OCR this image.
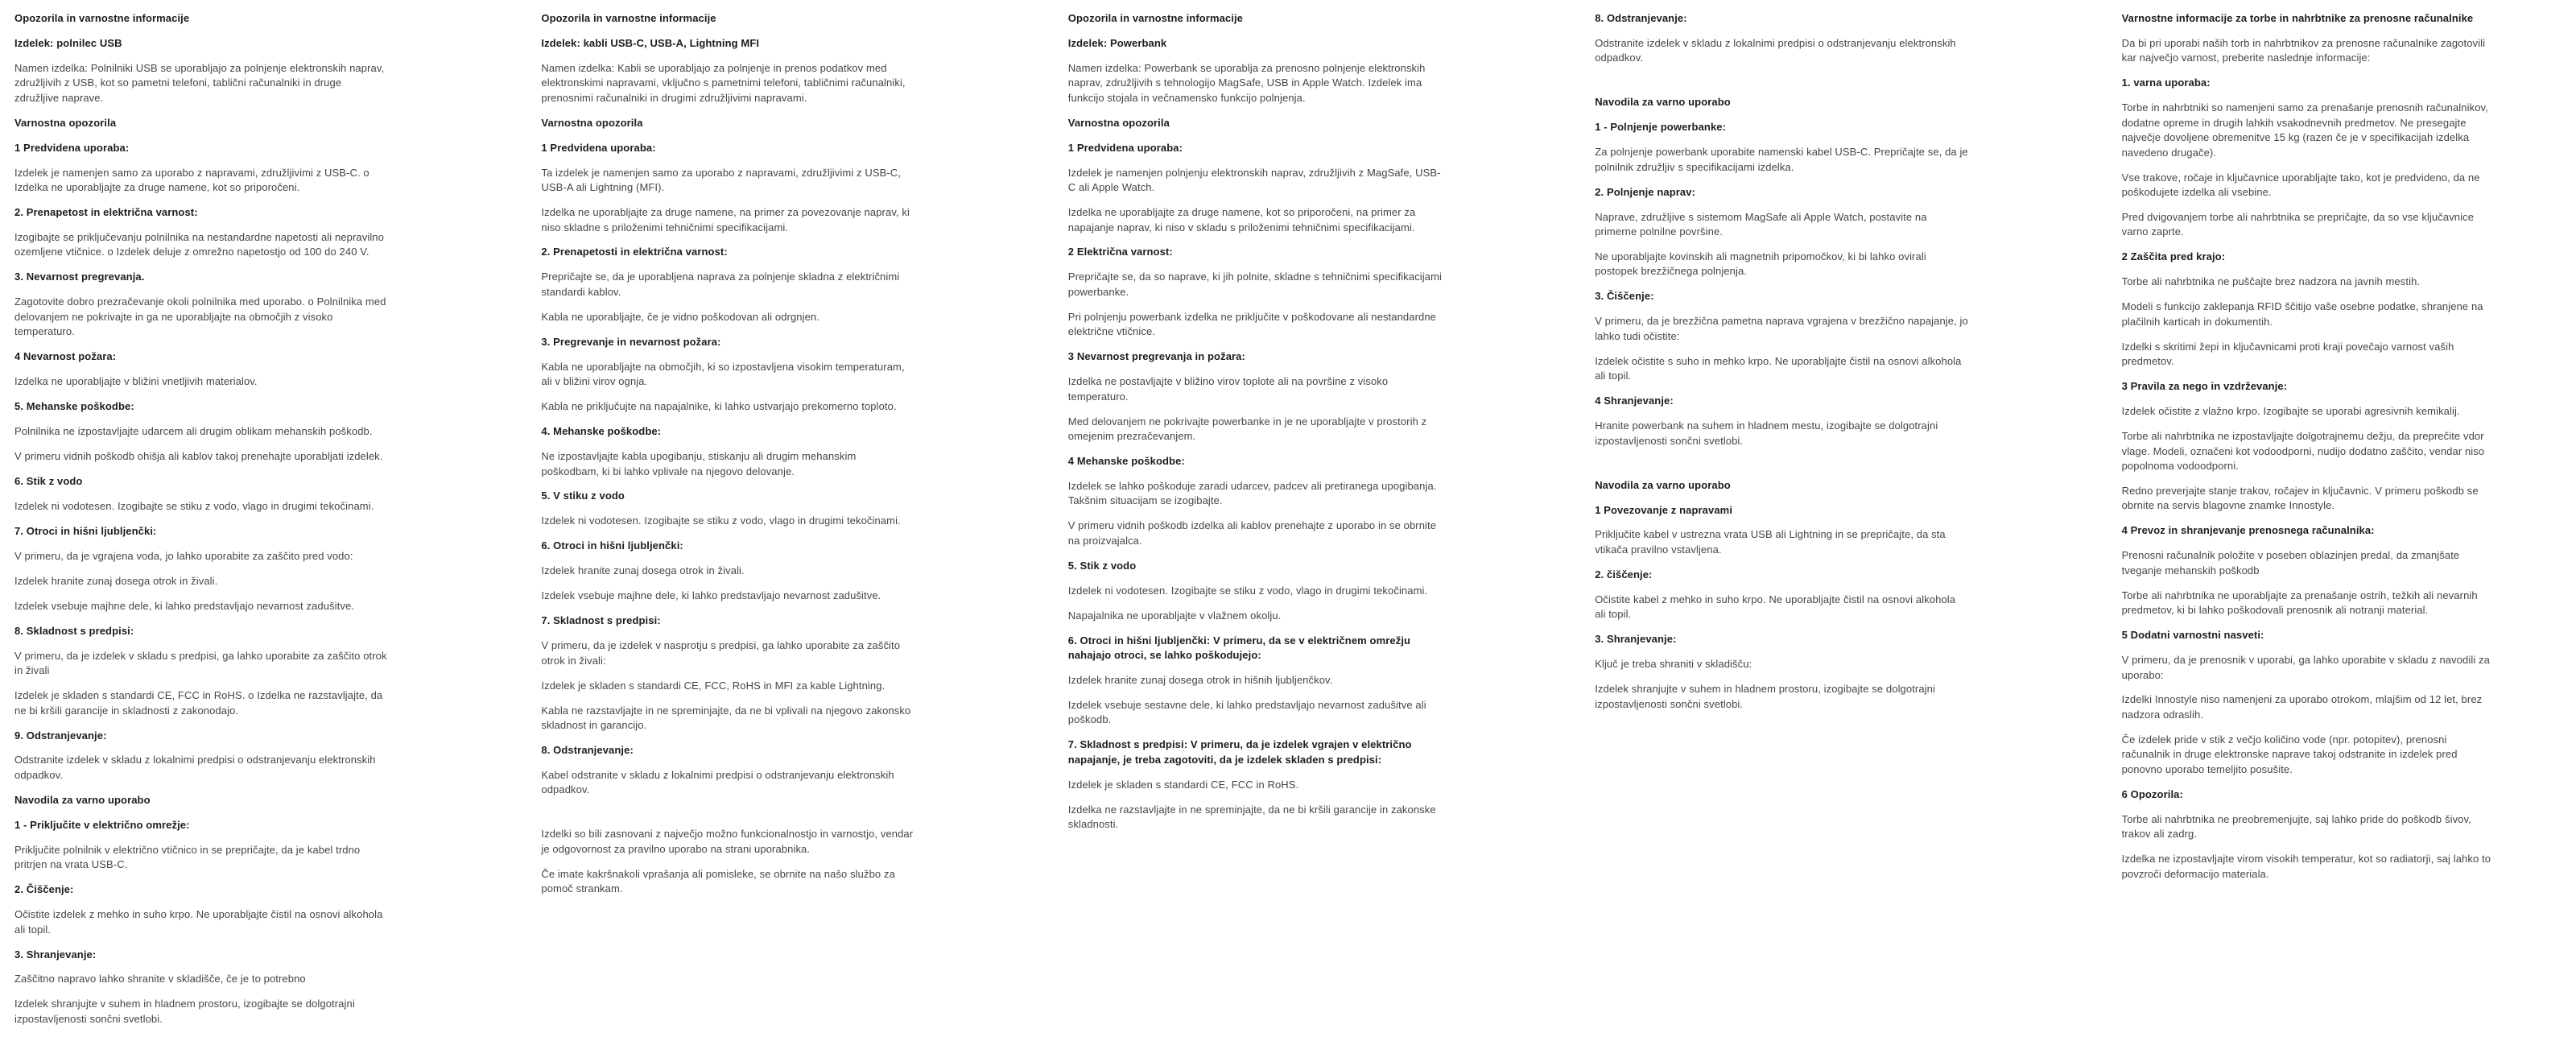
Opozorila in varnostne informacije
Izdelek: polnilec USB
Namen izdelka: Polnilniki USB se uporabljajo za polnjenje elektronskih naprav, združljivih z USB, kot so pametni telefoni, tablični računalniki in druge združljive naprave.
Varnostna opozorila
1 Predvidena uporaba:
Izdelek je namenjen samo za uporabo z napravami, združljivimi z USB-C. o Izdelka ne uporabljajte za druge namene, kot so priporočeni.
2. Prenapetost in električna varnost:
Izogibajte se priključevanju polnilnika na nestandardne napetosti ali nepravilno ozemljene vtičnice. o Izdelek deluje z omrežno napetostjo od 100 do 240 V.
3. Nevarnost pregrevanja.
Zagotovite dobro prezračevanje okoli polnilnika med uporabo. o Polnilnika med delovanjem ne pokrivajte in ga ne uporabljajte na območjih z visoko temperaturo.
4 Nevarnost požara:
Izdelka ne uporabljajte v bližini vnetljivih materialov.
5. Mehanske poškodbe:
Polnilnika ne izpostavljajte udarcem ali drugim oblikam mehanskih poškodb.
V primeru vidnih poškodb ohišja ali kablov takoj prenehajte uporabljati izdelek.
6. Stik z vodo
Izdelek ni vodotesen. Izogibajte se stiku z vodo, vlago in drugimi tekočinami.
7. Otroci in hišni ljubljenčki:
V primeru, da je vgrajena voda, jo lahko uporabite za zaščito pred vodo:
Izdelek hranite zunaj dosega otrok in živali.
Izdelek vsebuje majhne dele, ki lahko predstavljajo nevarnost zadušitve.
8. Skladnost s predpisi:
V primeru, da je izdelek v skladu s predpisi, ga lahko uporabite za zaščito otrok in živali
Izdelek je skladen s standardi CE, FCC in RoHS. o Izdelka ne razstavljajte, da ne bi kršili garancije in skladnosti z zakonodajo.
9. Odstranjevanje:
Odstranite izdelek v skladu z lokalnimi predpisi o odstranjevanju elektronskih odpadkov.
Navodila za varno uporabo
1 - Priključite v električno omrežje:
Priključite polnilnik v električno vtičnico in se prepričajte, da je kabel trdno pritrjen na vrata USB-C.
2. Čiščenje:
Očistite izdelek z mehko in suho krpo. Ne uporabljajte čistil na osnovi alkohola ali topil.
3. Shranjevanje:
Zaščitno napravo lahko shranite v skladišče, če je to potrebno
Izdelek shranjujte v suhem in hladnem prostoru, izogibajte se dolgotrajni izpostavljenosti sončni svetlobi.
Opozorila in varnostne informacije
Izdelek: kabli USB-C, USB-A, Lightning MFI
Namen izdelka: Kabli se uporabljajo za polnjenje in prenos podatkov med elektronskimi napravami, vključno s pametnimi telefoni, tabličnimi računalniki, prenosnimi računalniki in drugimi združljivimi napravami.
Varnostna opozorila
1 Predvidena uporaba:
Ta izdelek je namenjen samo za uporabo z napravami, združljivimi z USB-C, USB-A ali Lightning (MFI).
Izdelka ne uporabljajte za druge namene, na primer za povezovanje naprav, ki niso skladne s priloženimi tehničnimi specifikacijami.
2. Prenapetosti in električna varnost:
Prepričajte se, da je uporabljena naprava za polnjenje skladna z električnimi standardi kablov.
Kabla ne uporabljajte, če je vidno poškodovan ali odrgnjen.
3. Pregrevanje in nevarnost požara:
Kabla ne uporabljajte na območjih, ki so izpostavljena visokim temperaturam, ali v bližini virov ognja.
Kabla ne priključujte na napajalnike, ki lahko ustvarjajo prekomerno toploto.
4. Mehanske poškodbe:
Ne izpostavljajte kabla upogibanju, stiskanju ali drugim mehanskim poškodbam, ki bi lahko vplivale na njegovo delovanje.
5. V stiku z vodo
Izdelek ni vodotesen. Izogibajte se stiku z vodo, vlago in drugimi tekočinami.
6. Otroci in hišni ljubljenčki:
Izdelek hranite zunaj dosega otrok in živali.
Izdelek vsebuje majhne dele, ki lahko predstavljajo nevarnost zadušitve.
7. Skladnost s predpisi:
V primeru, da je izdelek v nasprotju s predpisi, ga lahko uporabite za zaščito otrok in živali:
Izdelek je skladen s standardi CE, FCC, RoHS in MFI za kable Lightning.
Kabla ne razstavljajte in ne spreminjajte, da ne bi vplivali na njegovo zakonsko skladnost in garancijo.
8. Odstranjevanje:
Kabel odstranite v skladu z lokalnimi predpisi o odstranjevanju elektronskih odpadkov.
Izdelki so bili zasnovani z največjo možno funkcionalnostjo in varnostjo, vendar je odgovornost za pravilno uporabo na strani uporabnika.
Če imate kakršnakoli vprašanja ali pomisleke, se obrnite na našo službo za pomoč strankam.
Opozorila in varnostne informacije
Izdelek: Powerbank
Namen izdelka: Powerbank se uporablja za prenosno polnjenje elektronskih naprav, združljivih s tehnologijo MagSafe, USB in Apple Watch. Izdelek ima funkcijo stojala in večnamensko funkcijo polnjenja.
Varnostna opozorila
1 Predvidena uporaba:
Izdelek je namenjen polnjenju elektronskih naprav, združljivih z MagSafe, USB-C ali Apple Watch.
Izdelka ne uporabljajte za druge namene, kot so priporočeni, na primer za napajanje naprav, ki niso v skladu s priloženimi tehničnimi specifikacijami.
2 Električna varnost:
Prepričajte se, da so naprave, ki jih polnite, skladne s tehničnimi specifikacijami powerbanke.
Pri polnjenju powerbank izdelka ne priključite v poškodovane ali nestandardne električne vtičnice.
3 Nevarnost pregrevanja in požara:
Izdelka ne postavljajte v bližino virov toplote ali na površine z visoko temperaturo.
Med delovanjem ne pokrivajte powerbanke in je ne uporabljajte v prostorih z omejenim prezračevanjem.
4 Mehanske poškodbe:
Izdelek se lahko poškoduje zaradi udarcev, padcev ali pretiranega upogibanja. Takšnim situacijam se izogibajte.
V primeru vidnih poškodb izdelka ali kablov prenehajte z uporabo in se obrnite na proizvajalca.
5. Stik z vodo
Izdelek ni vodotesen. Izogibajte se stiku z vodo, vlago in drugimi tekočinami.
Napajalnika ne uporabljajte v vlažnem okolju.
6. Otroci in hišni ljubljenčki: V primeru, da se v električnem omrežju nahajajo otroci, se lahko poškodujejo:
Izdelek hranite zunaj dosega otrok in hišnih ljubljenčkov.
Izdelek vsebuje sestavne dele, ki lahko predstavljajo nevarnost zadušitve ali poškodb.
7. Skladnost s predpisi: V primeru, da je izdelek vgrajen v električno napajanje, je treba zagotoviti, da je izdelek skladen s predpisi:
Izdelek je skladen s standardi CE, FCC in RoHS.
Izdelka ne razstavljajte in ne spreminjajte, da ne bi kršili garancije in zakonske skladnosti.
8. Odstranjevanje:
Odstranite izdelek v skladu z lokalnimi predpisi o odstranjevanju elektronskih odpadkov.
Navodila za varno uporabo
1 - Polnjenje powerbanke:
Za polnjenje powerbank uporabite namenski kabel USB-C. Prepričajte se, da je polnilnik združljiv s specifikacijami izdelka.
2. Polnjenje naprav:
Naprave, združljive s sistemom MagSafe ali Apple Watch, postavite na primerne polnilne površine.
Ne uporabljajte kovinskih ali magnetnih pripomočkov, ki bi lahko ovirali postopek brezžičnega polnjenja.
3. Čiščenje:
V primeru, da je brezžična pametna naprava vgrajena v brezžično napajanje, jo lahko tudi očistite:
Izdelek očistite s suho in mehko krpo. Ne uporabljajte čistil na osnovi alkohola ali topil.
4 Shranjevanje:
Hranite powerbank na suhem in hladnem mestu, izogibajte se dolgotrajni izpostavljenosti sončni svetlobi.
Navodila za varno uporabo
1 Povezovanje z napravami
Priključite kabel v ustrezna vrata USB ali Lightning in se prepričajte, da sta vtikača pravilno vstavljena.
2. čiščenje:
Očistite kabel z mehko in suho krpo. Ne uporabljajte čistil na osnovi alkohola ali topil.
3. Shranjevanje:
Ključ je treba shraniti v skladišču:
Izdelek shranjujte v suhem in hladnem prostoru, izogibajte se dolgotrajni izpostavljenosti sončni svetlobi.
Varnostne informacije za torbe in nahrbtnike za prenosne računalnike
Da bi pri uporabi naših torb in nahrbtnikov za prenosne računalnike zagotovili kar največjo varnost, preberite naslednje informacije:
1. varna uporaba:
Torbe in nahrbtniki so namenjeni samo za prenašanje prenosnih računalnikov, dodatne opreme in drugih lahkih vsakodnevnih predmetov. Ne presegajte največje dovoljene obremenitve 15 kg (razen če je v specifikacijah izdelka navedeno drugače).
Vse trakove, ročaje in ključavnice uporabljajte tako, kot je predvideno, da ne poškodujete izdelka ali vsebine.
Pred dvigovanjem torbe ali nahrbtnika se prepričajte, da so vse ključavnice varno zaprte.
2 Zaščita pred krajo:
Torbe ali nahrbtnika ne puščajte brez nadzora na javnih mestih.
Modeli s funkcijo zaklepanja RFID ščitijo vaše osebne podatke, shranjene na plačilnih karticah in dokumentih.
Izdelki s skritimi žepi in ključavnicami proti kraji povečajo varnost vaših predmetov.
3 Pravila za nego in vzdrževanje:
Izdelek očistite z vlažno krpo. Izogibajte se uporabi agresivnih kemikalij.
Torbe ali nahrbtnika ne izpostavljajte dolgotrajnemu dežju, da preprečite vdor vlage. Modeli, označeni kot vodoodporni, nudijo dodatno zaščito, vendar niso popolnoma vodoodporni.
Redno preverjajte stanje trakov, ročajev in ključavnic. V primeru poškodb se obrnite na servis blagovne znamke Innostyle.
4 Prevoz in shranjevanje prenosnega računalnika:
Prenosni računalnik položite v poseben oblazinjen predal, da zmanjšate tveganje mehanskih poškodb
Torbe ali nahrbtnika ne uporabljajte za prenašanje ostrih, težkih ali nevarnih predmetov, ki bi lahko poškodovali prenosnik ali notranji material.
5 Dodatni varnostni nasveti:
V primeru, da je prenosnik v uporabi, ga lahko uporabite v skladu z navodili za uporabo:
Izdelki Innostyle niso namenjeni za uporabo otrokom, mlajšim od 12 let, brez nadzora odraslih.
Če izdelek pride v stik z večjo količino vode (npr. potopitev), prenosni računalnik in druge elektronske naprave takoj odstranite in izdelek pred ponovno uporabo temeljito posušite.
6 Opozorila:
Torbe ali nahrbtnika ne preobremenjujte, saj lahko pride do poškodb šivov, trakov ali zadrg.
Izdelka ne izpostavljajte virom visokih temperatur, kot so radiatorji, saj lahko to povzroči deformacijo materiala.
